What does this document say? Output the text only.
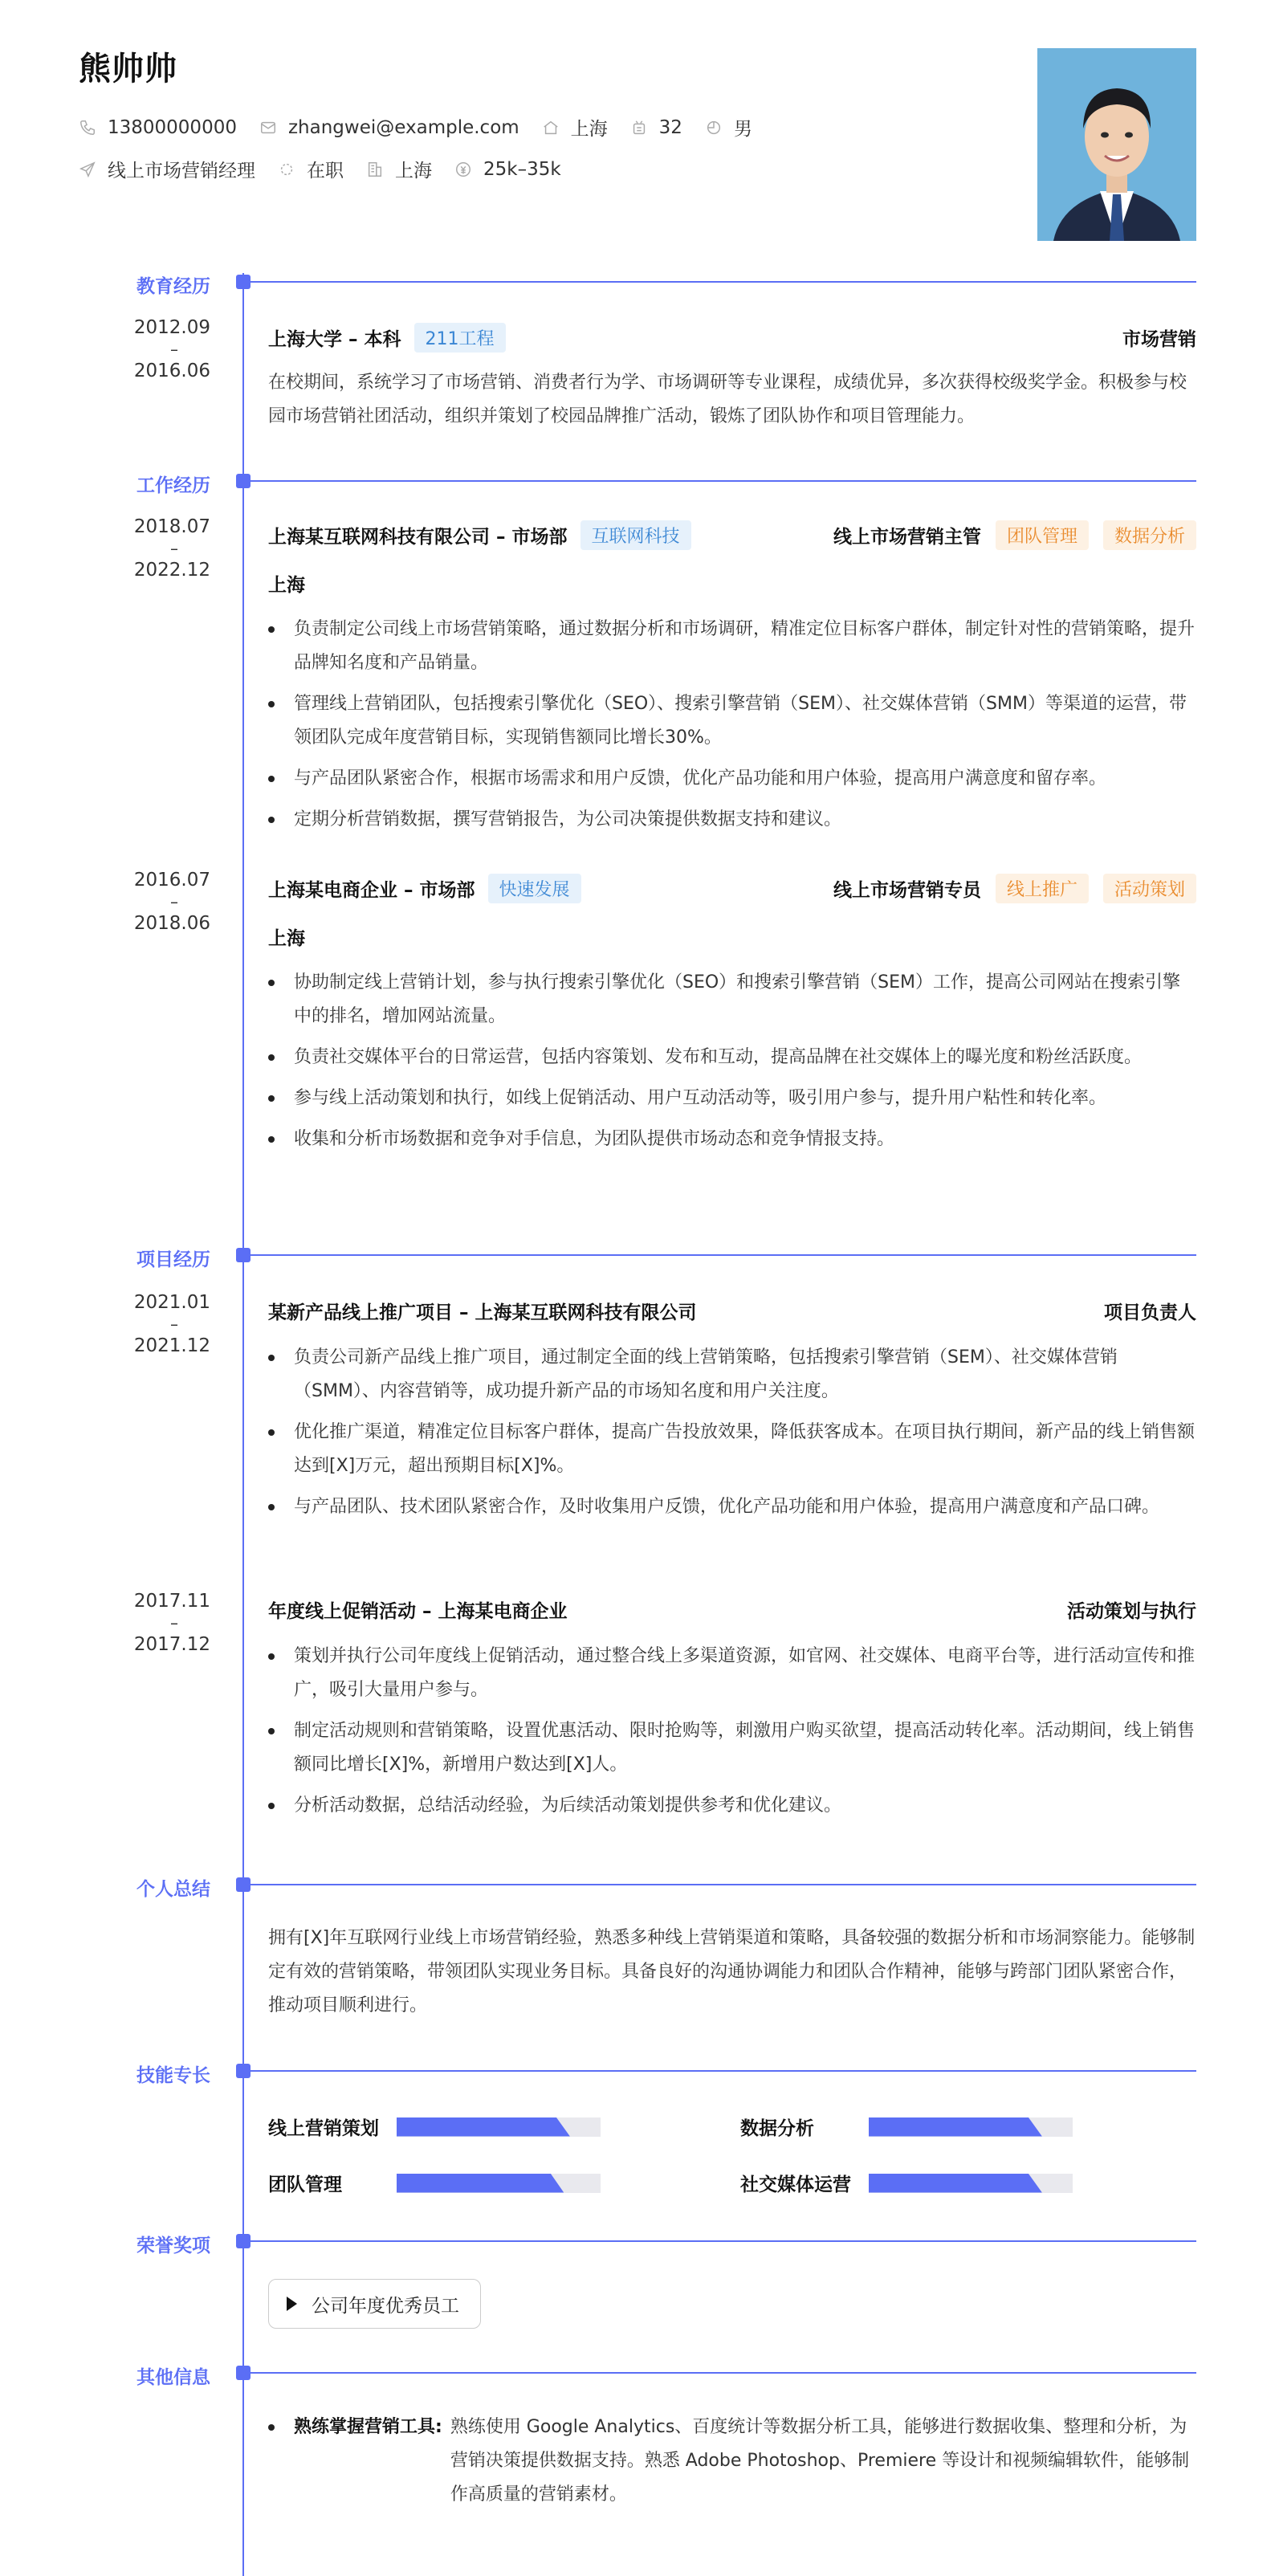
熊帅帅
13800000000	zhangwei@example.com	上海	32	男
线上市场营销经理	在职	上海	25k–35k
教育经历
2012.09
–
2016.06
上海大学 – 本科	211工程	市场营销
在校期间，系统学习了市场营销、消费者行为学、市场调研等专业课程，成绩优异，多次获得校级奖学金。积极参与校园市场营销社团活动，组织并策划了校园品牌推广活动，锻炼了团队协作和项目管理能力。
工作经历
2018.07
–
2022.12
上海某互联网科技有限公司 – 市场部	互联网科技	线上市场营销主管	团队管理	数据分析
上海
负责制定公司线上市场营销策略，通过数据分析和市场调研，精准定位目标客户群体，制定针对性的营销策略，提升品牌知名度和产品销量。
管理线上营销团队，包括搜索引擎优化（SEO）、搜索引擎营销（SEM）、社交媒体营销（SMM）等渠道的运营，带领团队完成年度营销目标，实现销售额同比增长30%。
与产品团队紧密合作，根据市场需求和用户反馈，优化产品功能和用户体验，提高用户满意度和留存率。
定期分析营销数据，撰写营销报告，为公司决策提供数据支持和建议。
2016.07
–
2018.06
上海某电商企业 – 市场部	快速发展	线上市场营销专员	线上推广	活动策划
上海
协助制定线上营销计划，参与执行搜索引擎优化（SEO）和搜索引擎营销（SEM）工作，提高公司网站在搜索引擎中的排名，增加网站流量。
负责社交媒体平台的日常运营，包括内容策划、发布和互动，提高品牌在社交媒体上的曝光度和粉丝活跃度。
参与线上活动策划和执行，如线上促销活动、用户互动活动等，吸引用户参与，提升用户粘性和转化率。
收集和分析市场数据和竞争对手信息，为团队提供市场动态和竞争情报支持。
项目经历
2021.01
–
2021.12
某新产品线上推广项目 – 上海某互联网科技有限公司	项目负责人
负责公司新产品线上推广项目，通过制定全面的线上营销策略，包括搜索引擎营销（SEM）、社交媒体营销（SMM）、内容营销等，成功提升新产品的市场知名度和用户关注度。
优化推广渠道，精准定位目标客户群体，提高广告投放效果，降低获客成本。在项目执行期间，新产品的线上销售额达到[X]万元，超出预期目标[X]%。
与产品团队、技术团队紧密合作，及时收集用户反馈，优化产品功能和用户体验，提高用户满意度和产品口碑。
2017.11
–
2017.12
年度线上促销活动 – 上海某电商企业	活动策划与执行
策划并执行公司年度线上促销活动，通过整合线上多渠道资源，如官网、社交媒体、电商平台等，进行活动宣传和推广，吸引大量用户参与。
制定活动规则和营销策略，设置优惠活动、限时抢购等，刺激用户购买欲望，提高活动转化率。活动期间，线上销售额同比增长[X]%，新增用户数达到[X]人。
分析活动数据，总结活动经验，为后续活动策划提供参考和优化建议。
个人总结
拥有[X]年互联网行业线上市场营销经验，熟悉多种线上营销渠道和策略，具备较强的数据分析和市场洞察能力。能够制定有效的营销策略，带领团队实现业务目标。具备良好的沟通协调能力和团队合作精神，能够与跨部门团队紧密合作，推动项目顺利进行。
技能专长
线上营销策划	数据分析
团队管理	社交媒体运营
荣誉奖项
公司年度优秀员工
其他信息
熟练掌握营销工具: 熟练使用 Google Analytics、百度统计等数据分析工具，能够进行数据收集、整理和分析，为营销决策提供数据支持。熟悉 Adobe Photoshop、Premiere 等设计和视频编辑软件，能够制作高质量的营销素材。
